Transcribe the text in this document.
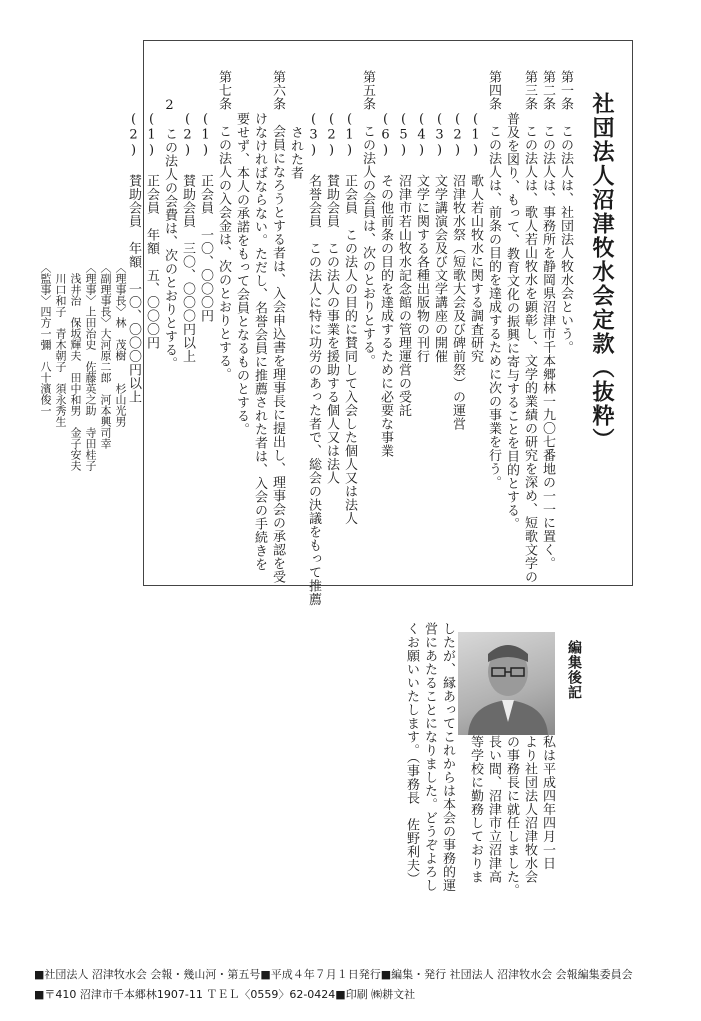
社団法人沼津牧水会定款（抜粋）
第一条この法人は、社団法人牧水会という。
第二条この法人は、事務所を静岡県沼津市千本郷林一九〇七番地の一一に置く。
第三条この法人は、歌人若山牧水を顕彰し、文学的業績の研究を深め、短歌文学の
普及を図り、もって、教育文化の振興に寄与することを目的とする。
第四条この法人は、前条の目的を達成するために次の事業を行う。
(1) 歌人若山牧水に関する調査研究
(2) 沼津牧水祭（短歌大会及び碑前祭）の運営
(3) 文学講演会及び文学講座の開催
(4) 文学に関する各種出版物の刊行
(5) 沼津市若山牧水記念館の管理運営の受託
(6) その他前条の目的を達成するために必要な事業
第五条この法人の会員は、次のとおりとする。
(1) 正会員　この法人の目的に賛同して入会した個人又は法人
(2) 賛助会員　この法人の事業を援助する個人又は法人
(3) 名誉会員　この法人に特に功労のあった者で、総会の決議をもって推薦
　された者
第六条会員になろうとする者は、入会申込書を理事長に提出し、理事会の承認を受
けなければならない。ただし、名誉会員に推薦された者は、入会の手続きを
要せず、本人の承諾をもって会員となるものとする。
第七条この法人の入会金は、次のとおりとする。
(1) 正会員　一〇、〇〇〇円
(2) 賛助会員　三〇、〇〇〇円以上
2　この法人の会費は、次のとおりとする。
(1) 正会員　年額　五、〇〇〇円
(2) 賛助会員　年額　一〇、〇〇〇円以上
〈理事長〉林　茂樹　　杉山光男
〈副理事長〉大河原二郎　河本興司幸
〈理事〉上田治史　佐藤英之助　寺田桂子
　浅井治　保坂輝夫　田中和男　金子安夫
　川口和子　青木朝子　須永秀生
〈監事〉四方一彌　八十濱俊一
編集後記
私は平成四年四月一日
より社団法人沼津牧水会
の事務長に就任しました。
長い間、沼津市立沼津高
等学校に勤務しておりま
したが、縁あってこれからは本会の事務的運
営にあたることになりました。どうぞよろし
くお願いいたします。（事務長　佐野利夫）
■社団法人 沼津牧水会 会報・幾山河・第五号■平成４年７月１日発行■編集・発行 社団法人 沼津牧水会 会報編集委員会
■〒410 沼津市千本郷林1907-11 ＴＥＬ〈0559〉62-0424■印刷 ㈱耕文社
